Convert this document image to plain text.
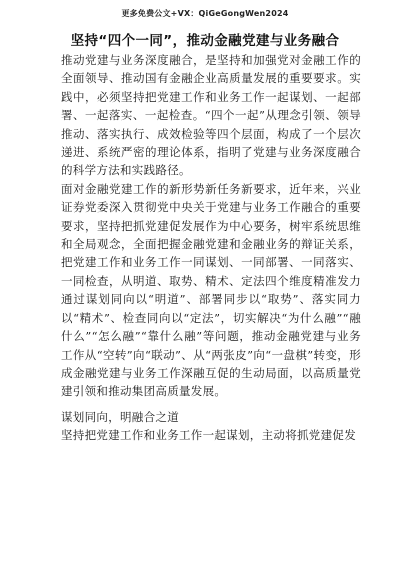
更多免费公文+VX：QiGeGongWen2024
坚持“四个一同”，推动金融党建与业务融合

推动党建与业务深度融合，是坚持和加强党对金融工作的全面领导、推动国有金融企业高质量发展的重要要求。实践中，必须坚持把党建工作和业务工作一起谋划、一起部署、一起落实、一起检查。“四个一起”从理念引领、领导推动、落实执行、成效检验等四个层面，构成了一个层次递进、系统严密的理论体系，指明了党建与业务深度融合的科学方法和实践路径。

面对金融党建工作的新形势新任务新要求，近年来，兴业证券党委深入贯彻党中央关于党建与业务工作融合的重要要求，坚持把抓党建促发展作为中心要务，树牢系统思维和全局观念，全面把握金融党建和金融业务的辩证关系，把党建工作和业务工作一同谋划、一同部署、一同落实、一同检查，从明道、取势、精术、定法四个维度精准发力通过谋划同向以“明道”、部署同步以“取势”、落实同力以“精术”、检查同向以“定法”，切实解决“为什么融”“融什么”“怎么融”“靠什么融”等问题，推动金融党建与业务工作从“空转”向“联动”、从“两张皮”向“一盘棋”转变，形成金融党建与业务工作深融互促的生动局面，以高质量党建引领和推动集团高质量发展。

谋划同向，明融合之道

坚持把党建工作和业务工作一起谋划，主动将抓党建促发
